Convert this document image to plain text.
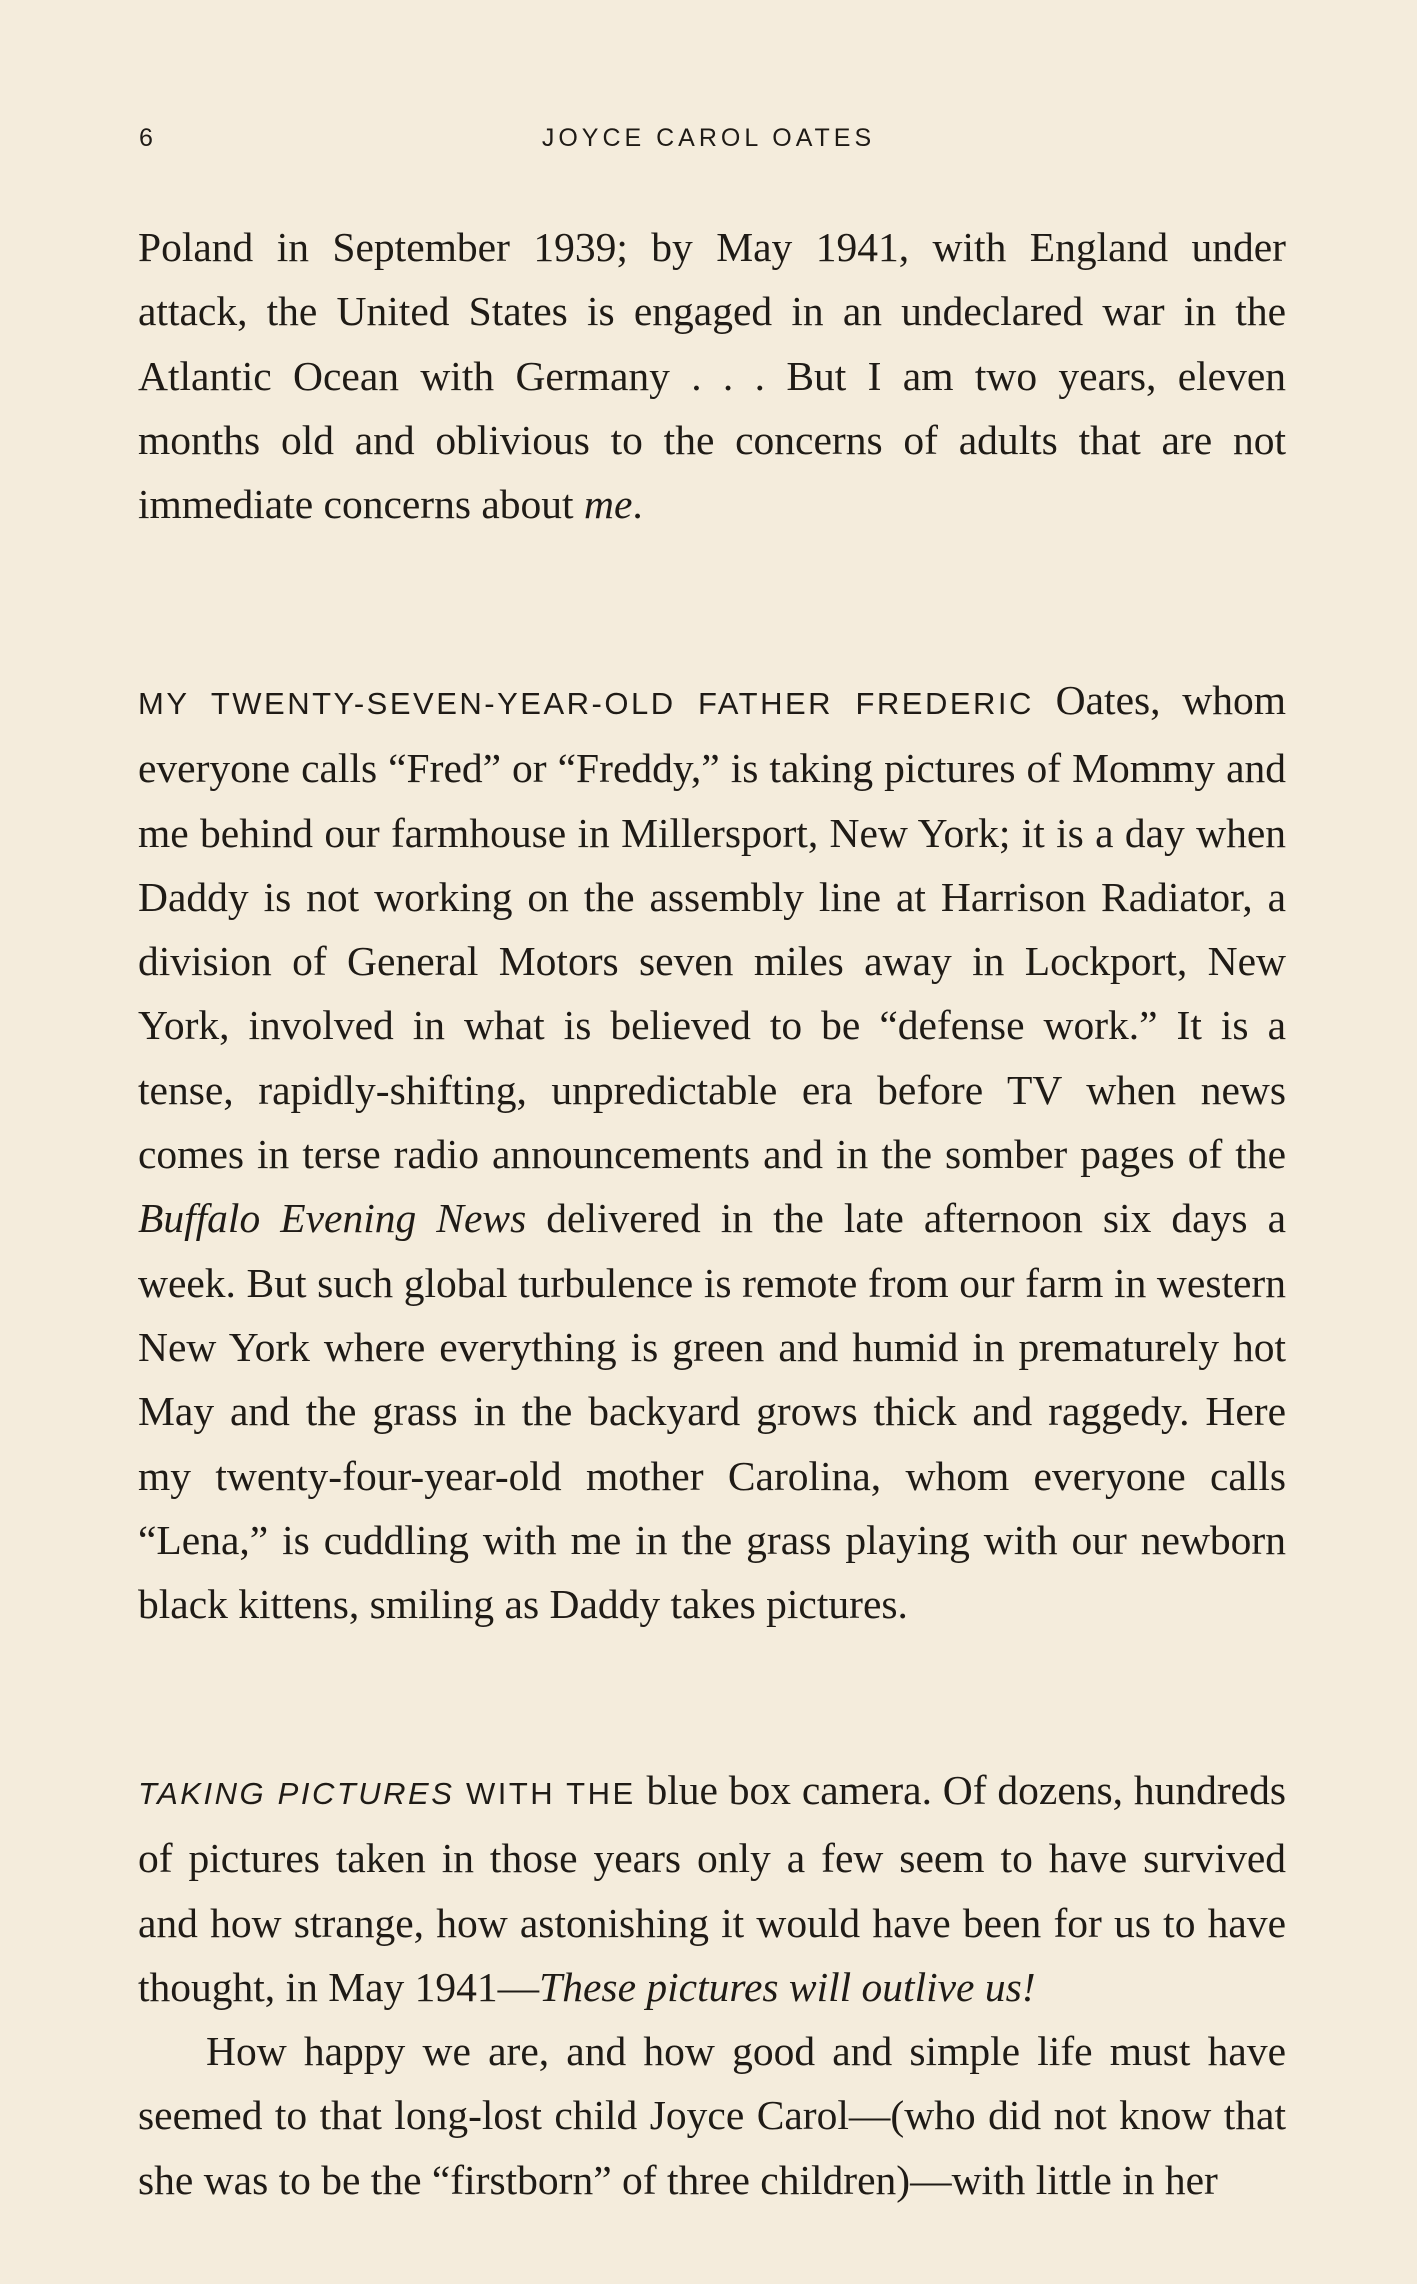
6	JOYCE CAROL OATES

Poland in September 1939; by May 1941, with England under attack, the United States is engaged in an undeclared war in the Atlantic Ocean with Germany . . . But I am two years, eleven months old and oblivious to the concerns of adults that are not immediate concerns about me.

MY TWENTY-SEVEN-YEAR-OLD FATHER FREDERIC Oates, whom everyone calls “Fred” or “Freddy,” is taking pictures of Mommy and me behind our farmhouse in Millersport, New York; it is a day when Daddy is not working on the assembly line at Harrison Radiator, a division of General Motors seven miles away in Lockport, New York, involved in what is believed to be “defense work.” It is a tense, rapidly-shifting, unpredictable era before TV when news comes in terse radio announcements and in the somber pages of the Buffalo Evening News delivered in the late afternoon six days a week. But such global turbulence is remote from our farm in western New York where everything is green and humid in prematurely hot May and the grass in the backyard grows thick and raggedy. Here my twenty-four-year-old mother Carolina, whom everyone calls “Lena,” is cuddling with me in the grass playing with our newborn black kittens, smiling as Daddy takes pictures.

TAKING PICTURES WITH THE blue box camera. Of dozens, hundreds of pictures taken in those years only a few seem to have survived and how strange, how astonishing it would have been for us to have thought, in May 1941—These pictures will outlive us!

How happy we are, and how good and simple life must have seemed to that long-lost child Joyce Carol—(who did not know that she was to be the “firstborn” of three children)—with little in her
